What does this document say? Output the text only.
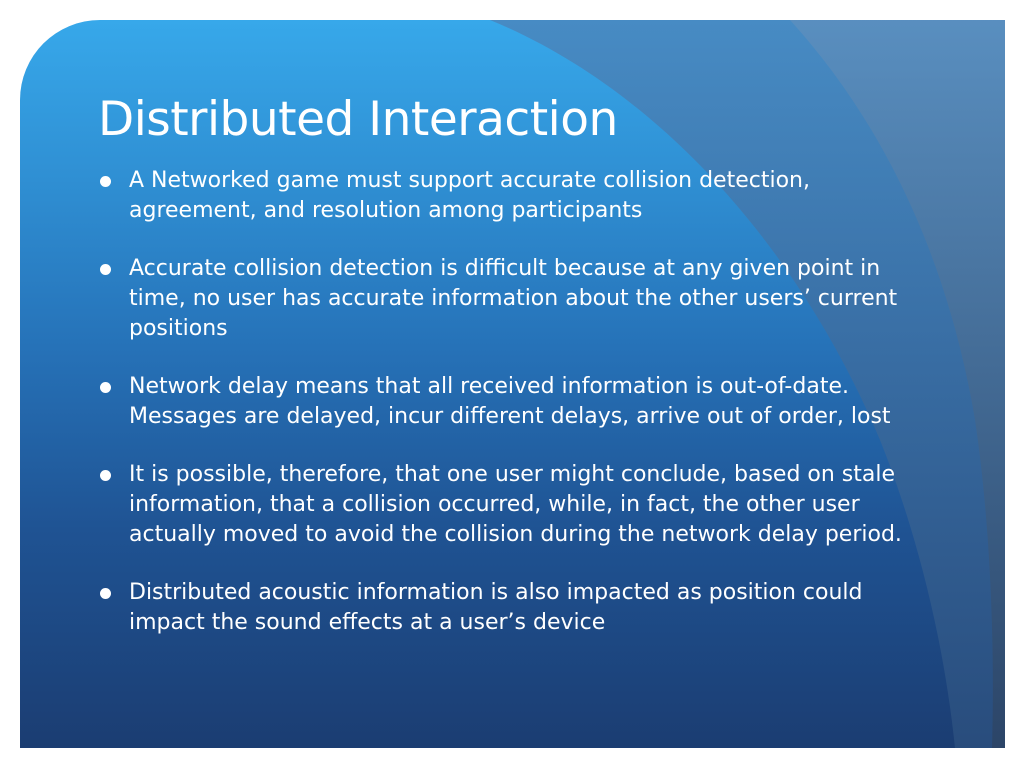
Distributed Interaction
A Networked game must support accurate collision detection, agreement, and resolution among participants
Accurate collision detection is difficult because at any given point in time, no user has accurate information about the other users’ current positions
Network delay means that all received information is out-of-date. Messages are delayed, incur different delays, arrive out of order, lost
It is possible, therefore, that one user might conclude, based on stale information, that a collision occurred, while, in fact, the other user actually moved to avoid the collision during the network delay period.
Distributed acoustic information is also impacted as position could impact the sound effects at a user’s device
